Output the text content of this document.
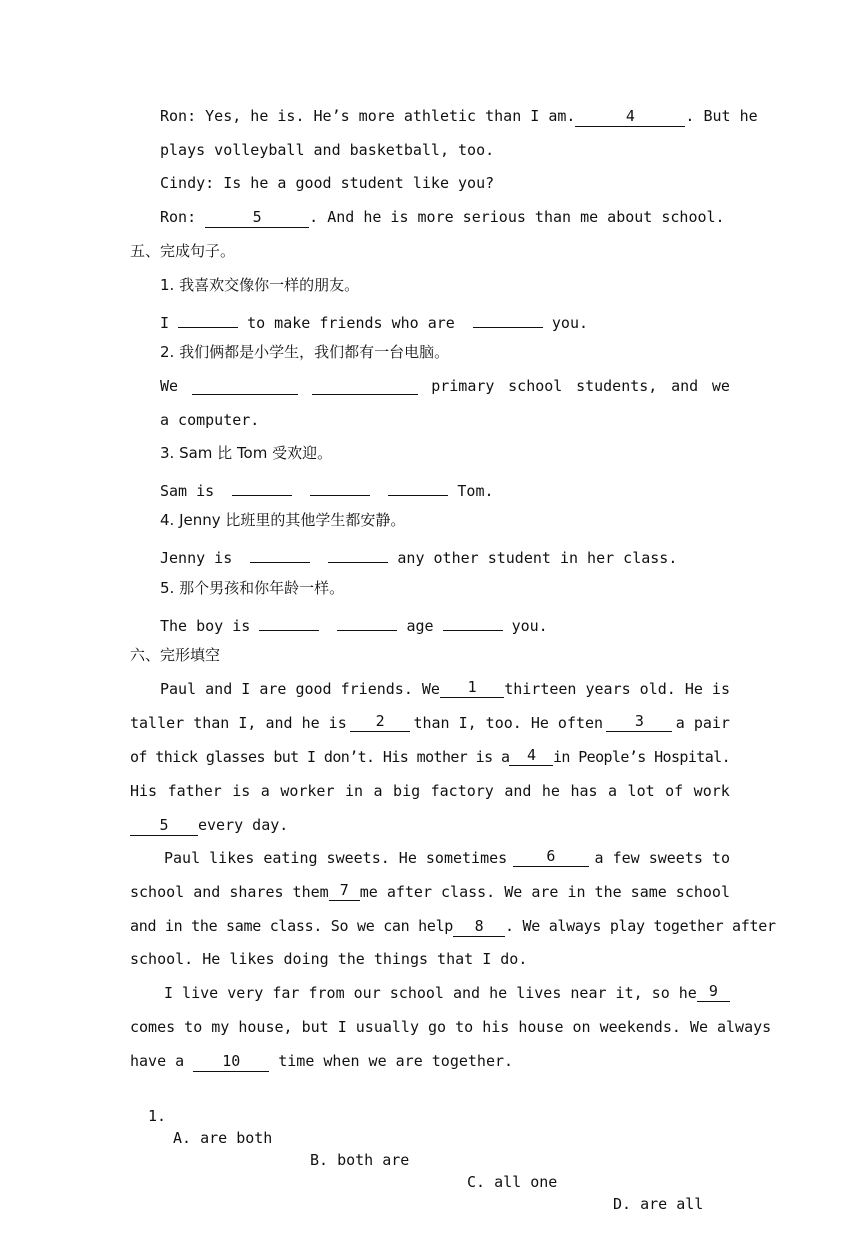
Ron: Yes, he is. He’s more athletic than I am.	4	. But he
plays volleyball and basketball, too.
Cindy: Is he a good student like you?
Ron:	5	. And he is more serious than me about school.
五、完成句子。
1. 我喜欢交像你一样的朋友。
I	to make friends who are	you.
2. 我们俩都是小学生，我们都有一台电脑。
We	primary school students, and we
a computer.
3. Sam 比 Tom 受欢迎。
Sam is	Tom.
4. Jenny 比班里的其他学生都安静。
Jenny is	any other student in her class.
5. 那个男孩和你年龄一样。
The boy is	age	you.
六、完形填空
Paul and I are good friends. We	1	thirteen years old. He is
taller than I, and he is	2	than I, too. He often	3	a pair
of thick glasses but I don’t. His mother is a	4	in People’s Hospital.
His father is a worker in a big factory and he has a lot of work
5 every day.
Paul likes eating sweets. He sometimes	6	a few sweets to
school and shares them 7 me after class. We are in the same school
and in the same class. So we can help	8 . We always play together after
school. He likes doing the things that I do.
I live very far from our school and he lives near it, so he 9
comes to my house, but I usually go to his house on weekends. We always
have a	10	time when we are together.

1.

A. are both

B. both are

C. all one

D. are all
